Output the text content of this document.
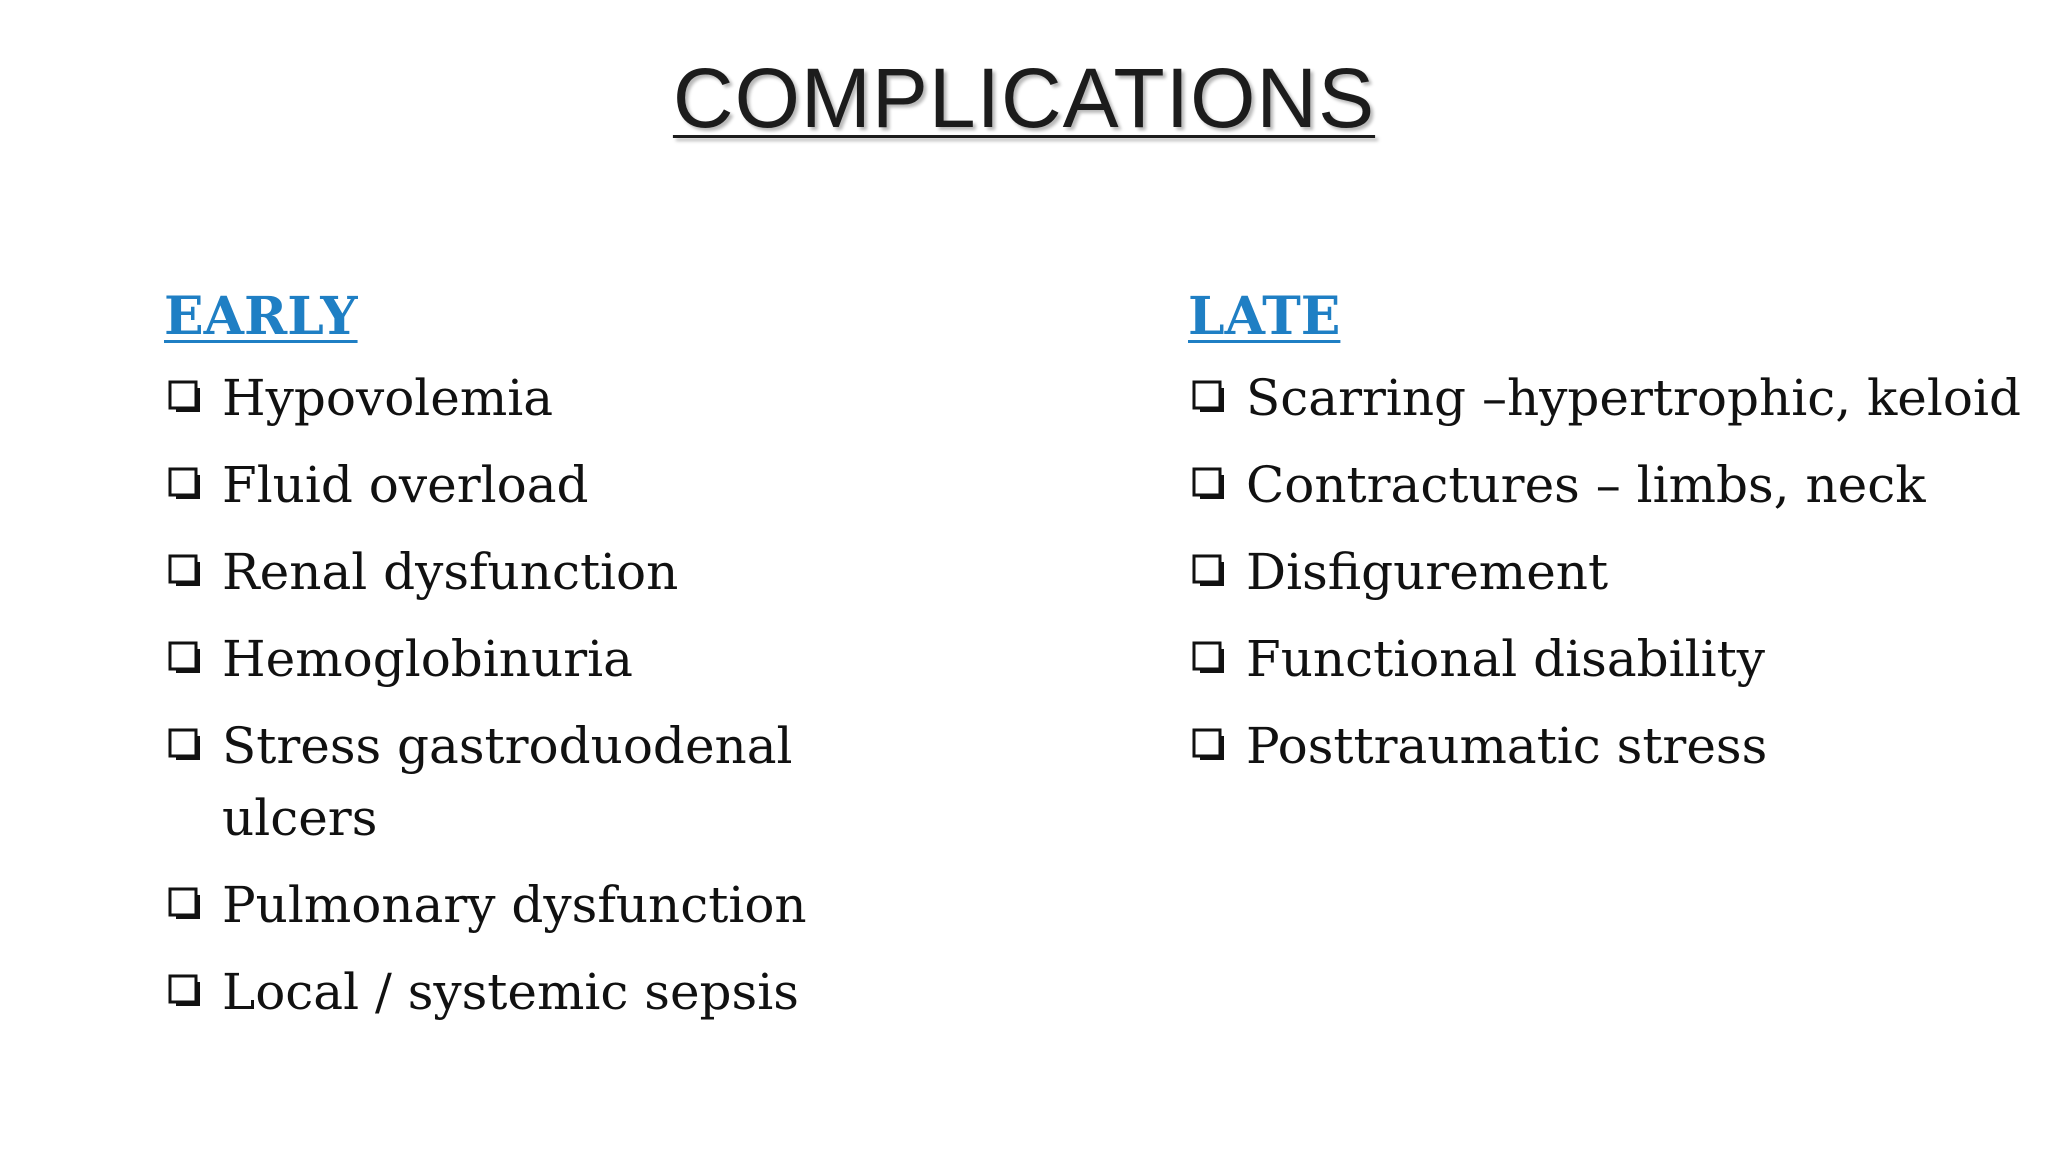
COMPLICATIONS
EARLY
Hypovolemia
Fluid overload
Renal dysfunction
Hemoglobinuria
Stress gastroduodenal ulcers
Pulmonary dysfunction
Local / systemic sepsis
LATE
Scarring –hypertrophic, keloid
Contractures – limbs, neck
Disfigurement
Functional disability
Posttraumatic stress
